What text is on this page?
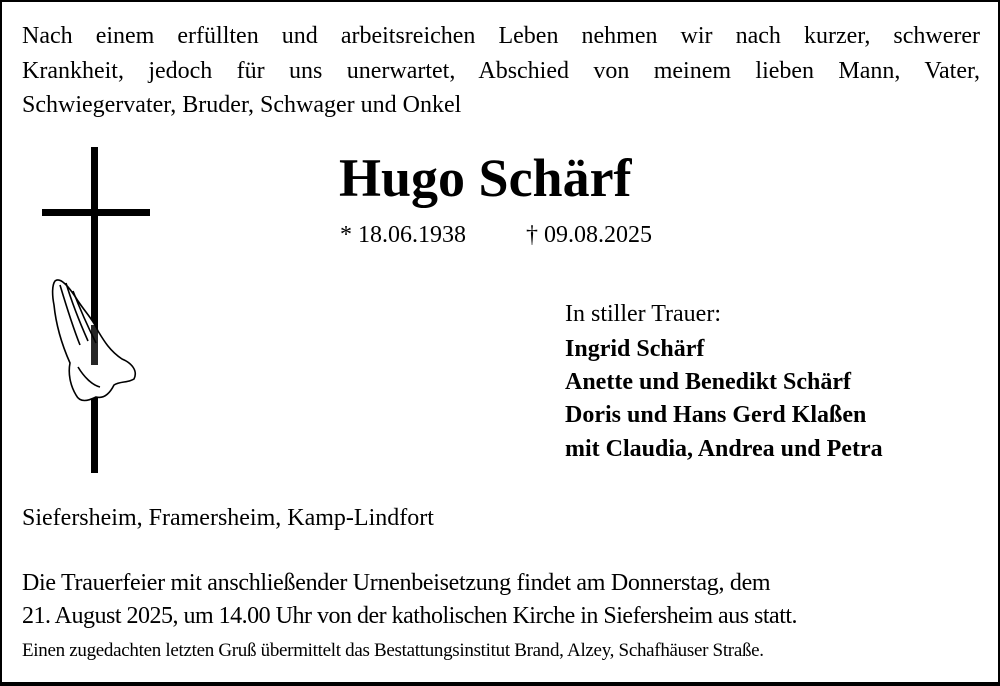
Nach einem erfüllten und arbeitsreichen Leben nehmen wir nach kurzer, schwerer
Krankheit, jedoch für uns unerwartet, Abschied von meinem lieben Mann, Vater,
Schwiegervater, Bruder, Schwager und Onkel
Hugo Schärf
* 18.06.1938	† 09.08.2025
In stiller Trauer:
Ingrid Schärf
Anette und Benedikt Schärf
Doris und Hans Gerd Klaßen
mit Claudia, Andrea und Petra
Siefersheim, Framersheim, Kamp-Lindfort
Die Trauerfeier mit anschließender Urnenbeisetzung findet am Donnerstag, dem
21. August 2025, um 14.00 Uhr von der katholischen Kirche in Siefersheim aus statt.
Einen zugedachten letzten Gruß übermittelt das Bestattungsinstitut Brand, Alzey, Schafhäuser Straße.
